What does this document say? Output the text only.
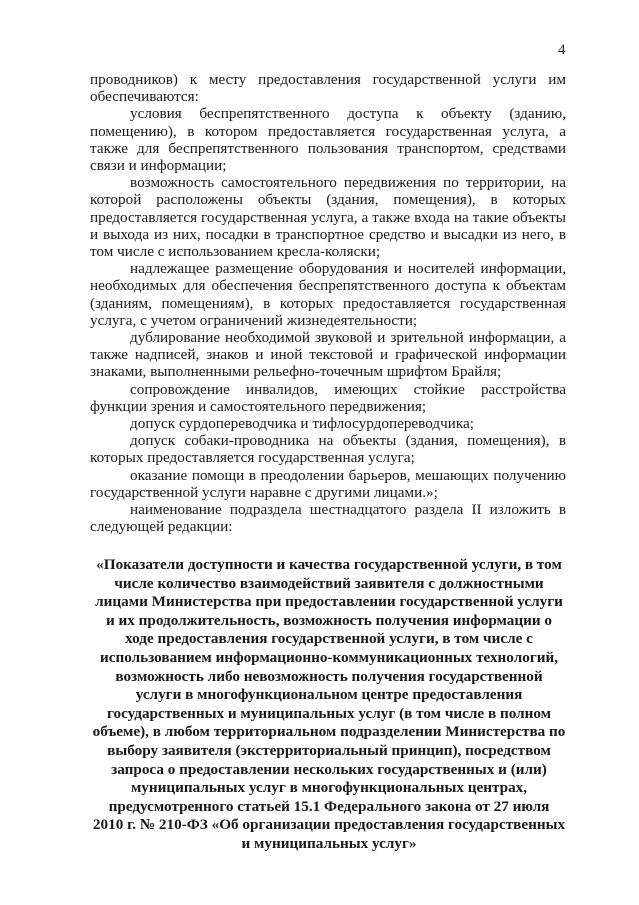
4

проводников) к месту предоставления государственной услуги им обеспечиваются:

условия беспрепятственного доступа к объекту (зданию, помещению), в котором предоставляется государственная услуга, а также для беспрепятственного пользования транспортом, средствами связи и информации;

возможность самостоятельного передвижения по территории, на которой расположены объекты (здания, помещения), в которых предоставляется государственная услуга, а также входа на такие объекты и выхода из них, посадки в транспортное средство и высадки из него, в том числе с использованием кресла-коляски;

надлежащее размещение оборудования и носителей информации, необходимых для обеспечения беспрепятственного доступа к объектам (зданиям, помещениям), в которых предоставляется государственная услуга, с учетом ограничений жизнедеятельности;

дублирование необходимой звуковой и зрительной информации, а также надписей, знаков и иной текстовой и графической информации знаками, выполненными рельефно-точечным шрифтом Брайля;

сопровождение инвалидов, имеющих стойкие расстройства функции зрения и самостоятельного передвижения;

допуск сурдопереводчика и тифлосурдопереводчика;

допуск собаки-проводника на объекты (здания, помещения), в которых предоставляется государственная услуга;

оказание помощи в преодолении барьеров, мешающих получению государственной услуги наравне с другими лицами.»;

наименование подраздела шестнадцатого раздела II изложить в следующей редакции:

«Показатели доступности и качества государственной услуги, в том

числе количество взаимодействий заявителя с должностными

лицами Министерства при предоставлении государственной услуги

и их продолжительность, возможность получения информации о

ходе предоставления государственной услуги, в том числе с

использованием информационно-коммуникационных технологий,

возможность либо невозможность получения государственной

услуги в многофункциональном центре предоставления

государственных и муниципальных услуг (в том числе в полном

объеме), в любом территориальном подразделении Министерства по

выбору заявителя (экстерриториальный принцип), посредством

запроса о предоставлении нескольких государственных и (или)

муниципальных услуг в многофункциональных центрах,

предусмотренного статьей 15.1 Федерального закона от 27 июля

2010 г. № 210-ФЗ «Об организации предоставления государственных

и муниципальных услуг»
